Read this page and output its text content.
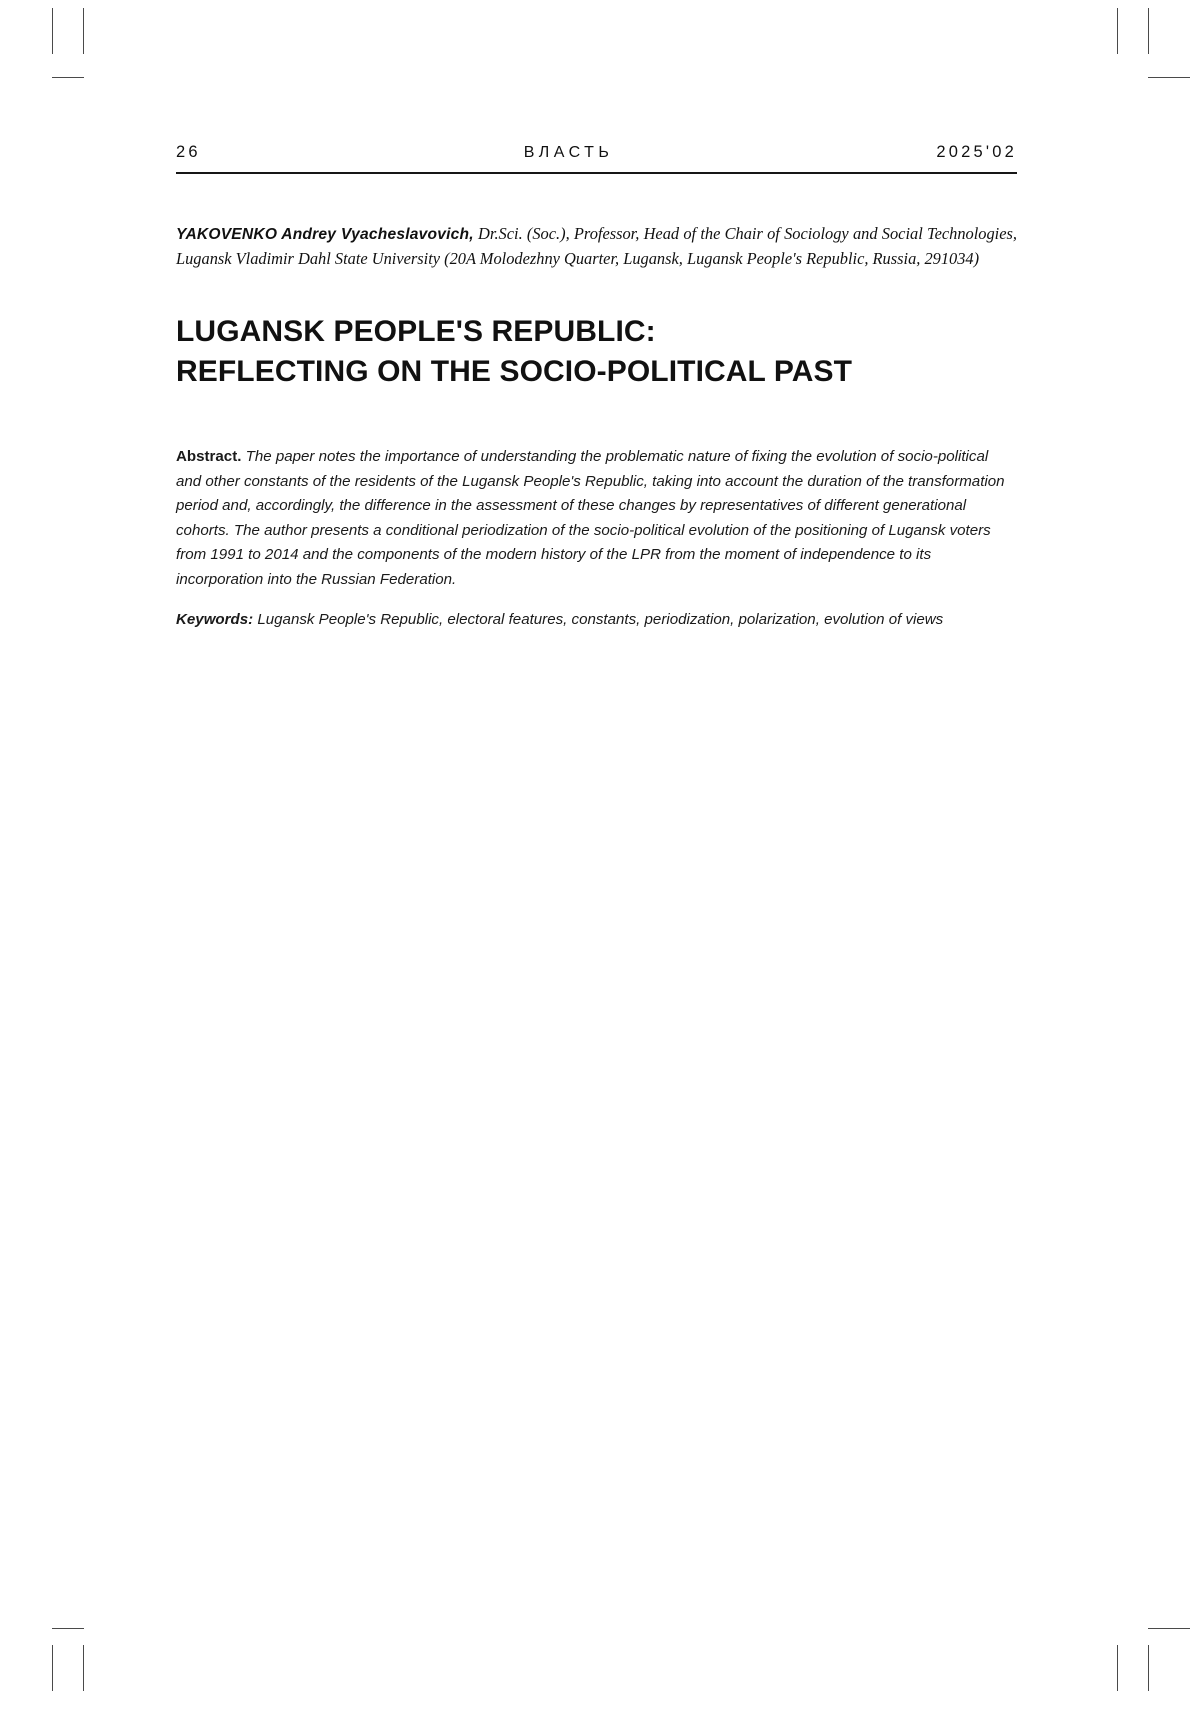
26	ВЛАСТЬ	2025'02
YAKOVENKO Andrey Vyacheslavovich, Dr.Sci. (Soc.), Professor, Head of the Chair of Sociology and Social Technologies, Lugansk Vladimir Dahl State University (20A Molodezhny Quarter, Lugansk, Lugansk People's Republic, Russia, 291034)
LUGANSK PEOPLE'S REPUBLIC:
REFLECTING ON THE SOCIO-POLITICAL PAST
Abstract. The paper notes the importance of understanding the problematic nature of fixing the evolution of socio-political and other constants of the residents of the Lugansk People's Republic, taking into account the duration of the transformation period and, accordingly, the difference in the assessment of these changes by representatives of different generational cohorts. The author presents a conditional periodization of the socio-political evolution of the positioning of Lugansk voters from 1991 to 2014 and the components of the modern history of the LPR from the moment of independence to its incorporation into the Russian Federation.
Keywords: Lugansk People's Republic, electoral features, constants, periodization, polarization, evolution of views
